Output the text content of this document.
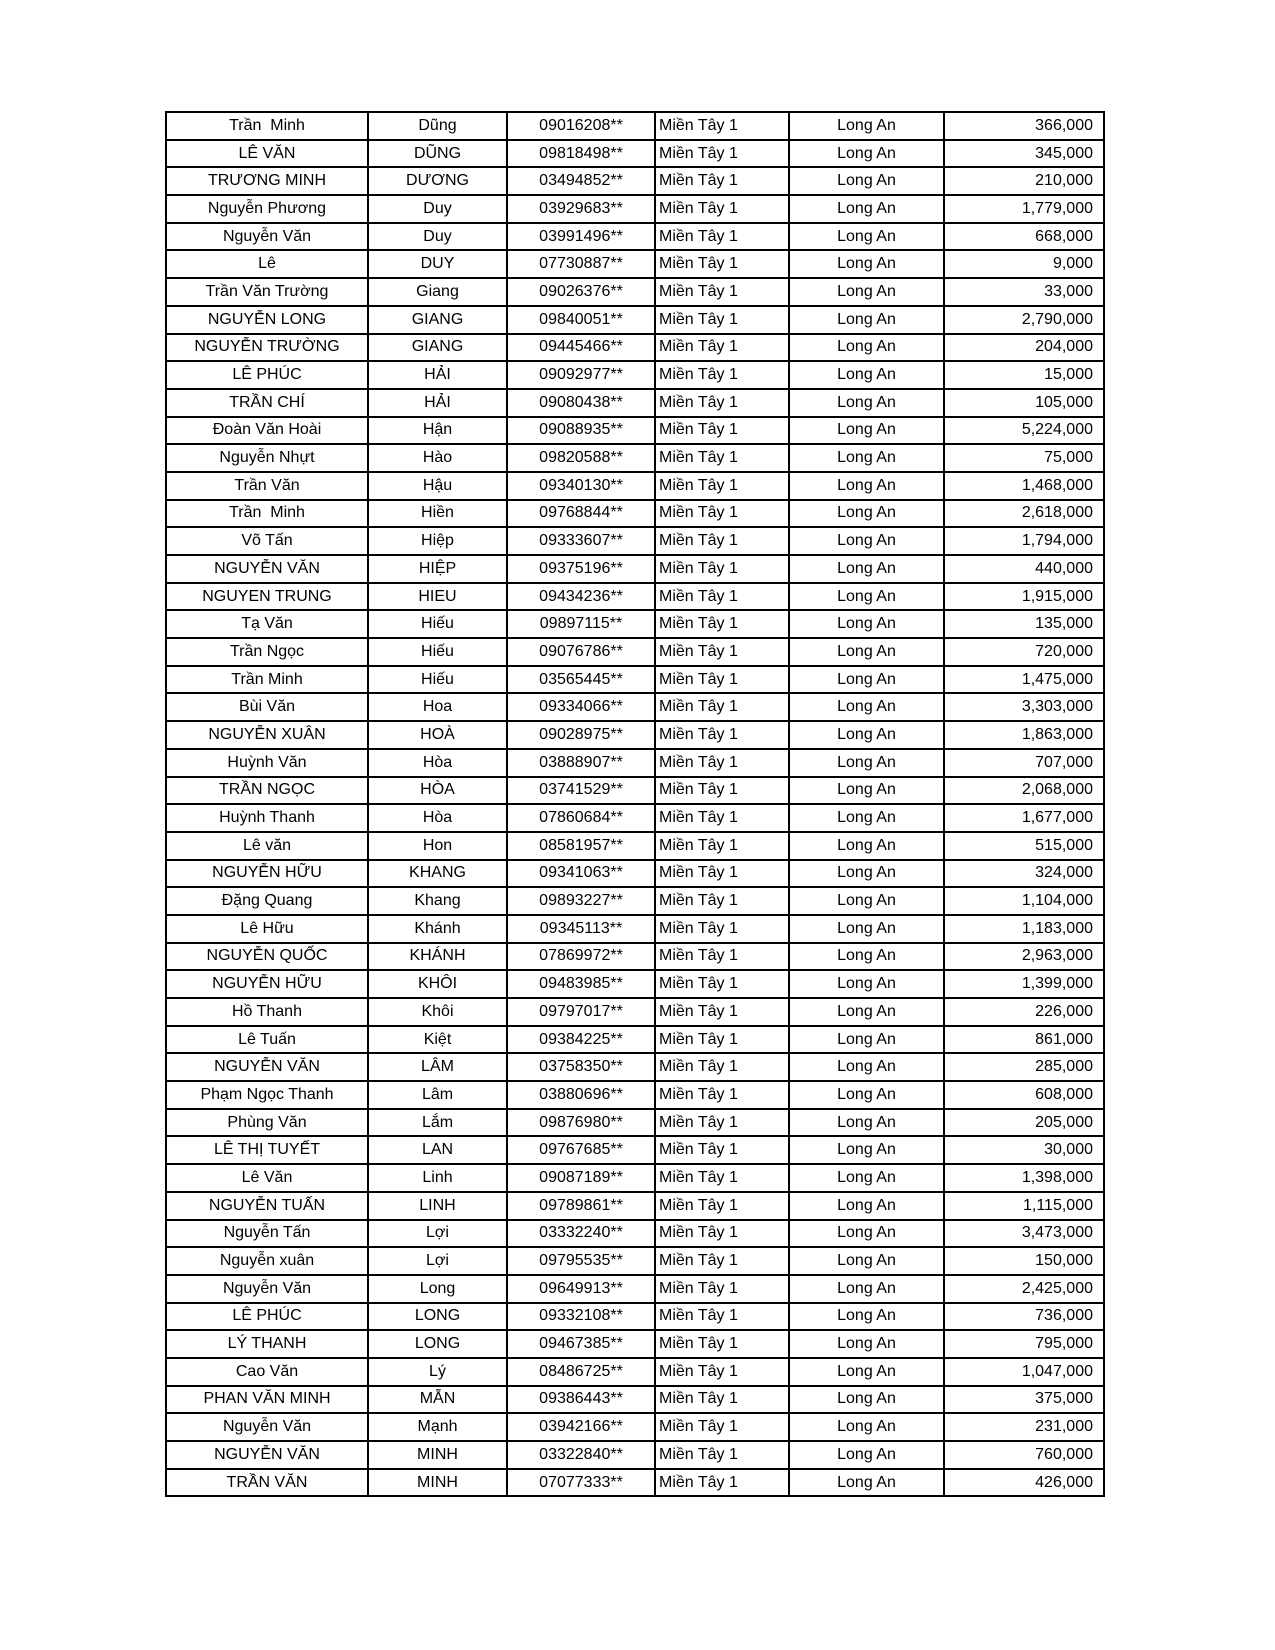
Trần  Minh	Dũng	09016208**	Miền Tây 1	Long An	366,000
LÊ VĂN	DŨNG	09818498**	Miền Tây 1	Long An	345,000
TRƯƠNG MINH	DƯƠNG	03494852**	Miền Tây 1	Long An	210,000
Nguyễn Phương	Duy	03929683**	Miền Tây 1	Long An	1,779,000
Nguyễn Văn	Duy	03991496**	Miền Tây 1	Long An	668,000
Lê	DUY	07730887**	Miền Tây 1	Long An	9,000
Trần Văn Trường	Giang	09026376**	Miền Tây 1	Long An	33,000
NGUYỄN LONG	GIANG	09840051**	Miền Tây 1	Long An	2,790,000
NGUYỄN TRƯỜNG	GIANG	09445466**	Miền Tây 1	Long An	204,000
LÊ PHÚC	HẢI	09092977**	Miền Tây 1	Long An	15,000
TRẦN CHÍ	HẢI	09080438**	Miền Tây 1	Long An	105,000
Đoàn Văn Hoài	Hận	09088935**	Miền Tây 1	Long An	5,224,000
Nguyễn Nhựt	Hào	09820588**	Miền Tây 1	Long An	75,000
Trần Văn	Hậu	09340130**	Miền Tây 1	Long An	1,468,000
Trần  Minh	Hiền	09768844**	Miền Tây 1	Long An	2,618,000
Võ Tấn	Hiệp	09333607**	Miền Tây 1	Long An	1,794,000
NGUYỄN VĂN	HIỆP	09375196**	Miền Tây 1	Long An	440,000
NGUYEN TRUNG	HIEU	09434236**	Miền Tây 1	Long An	1,915,000
Tạ Văn	Hiếu	09897115**	Miền Tây 1	Long An	135,000
Trần Ngọc	Hiếu	09076786**	Miền Tây 1	Long An	720,000
Trần Minh	Hiếu	03565445**	Miền Tây 1	Long An	1,475,000
Bùi Văn	Hoa	09334066**	Miền Tây 1	Long An	3,303,000
NGUYỄN XUÂN	HOÀ	09028975**	Miền Tây 1	Long An	1,863,000
Huỳnh Văn	Hòa	03888907**	Miền Tây 1	Long An	707,000
TRẦN NGỌC	HÒA	03741529**	Miền Tây 1	Long An	2,068,000
Huỳnh Thanh	Hòa	07860684**	Miền Tây 1	Long An	1,677,000
Lê văn	Hon	08581957**	Miền Tây 1	Long An	515,000
NGUYỄN HỮU	KHANG	09341063**	Miền Tây 1	Long An	324,000
Đặng Quang	Khang	09893227**	Miền Tây 1	Long An	1,104,000
Lê Hữu	Khánh	09345113**	Miền Tây 1	Long An	1,183,000
NGUYỄN QUỐC	KHÁNH	07869972**	Miền Tây 1	Long An	2,963,000
NGUYỄN HỮU	KHÔI	09483985**	Miền Tây 1	Long An	1,399,000
Hồ Thanh	Khôi	09797017**	Miền Tây 1	Long An	226,000
Lê Tuấn	Kiệt	09384225**	Miền Tây 1	Long An	861,000
NGUYỄN VĂN	LÂM	03758350**	Miền Tây 1	Long An	285,000
Phạm Ngọc Thanh	Lâm	03880696**	Miền Tây 1	Long An	608,000
Phùng Văn	Lắm	09876980**	Miền Tây 1	Long An	205,000
LÊ THỊ TUYẾT	LAN	09767685**	Miền Tây 1	Long An	30,000
Lê Văn	Linh	09087189**	Miền Tây 1	Long An	1,398,000
NGUYỄN TUẤN	LINH	09789861**	Miền Tây 1	Long An	1,115,000
Nguyễn Tấn	Lợi	03332240**	Miền Tây 1	Long An	3,473,000
Nguyễn xuân	Lợi	09795535**	Miền Tây 1	Long An	150,000
Nguyễn Văn	Long	09649913**	Miền Tây 1	Long An	2,425,000
LÊ PHÚC	LONG	09332108**	Miền Tây 1	Long An	736,000
LÝ THANH	LONG	09467385**	Miền Tây 1	Long An	795,000
Cao Văn	Lý	08486725**	Miền Tây 1	Long An	1,047,000
PHAN VĂN MINH	MẪN	09386443**	Miền Tây 1	Long An	375,000
Nguyễn Văn	Mạnh	03942166**	Miền Tây 1	Long An	231,000
NGUYỄN VĂN	MINH	03322840**	Miền Tây 1	Long An	760,000
TRẦN VĂN	MINH	07077333**	Miền Tây 1	Long An	426,000
